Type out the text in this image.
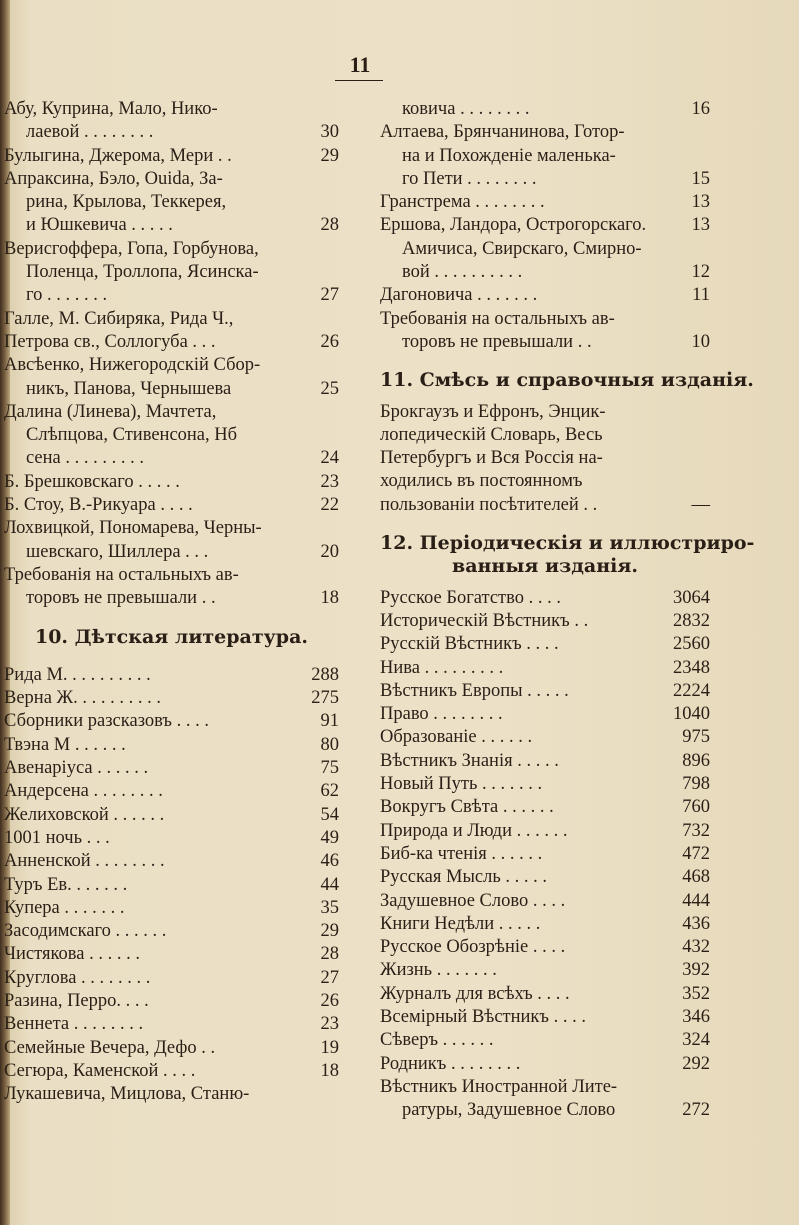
11
Абу, Куприна, Мало, Нико-
лаевой . . . . . . . .	30
Булыгина, Джерома, Мери . .	29
Апраксина, Бэло, Ouida, За-
рина, Крылова, Теккерея,
и Юшкевича . . . . .	28
Верисгоффера, Гопа, Горбунова,
Поленца, Троллопа, Ясинска-
го . . . . . . .	27
Галле, М. Сибиряка, Рида Ч.,
Петрова св., Соллогуба . . .	26
Авсѣенко, Нижегородскій Сбор-
никъ, Панова, Чернышева	25
Далина (Линева), Мачтета,
Слѣпцова, Стивенсона, Нб
сена . . . . . . . . .	24
Б. Брешковскаго . . . . .	23
Б. Стоу, В.-Рикуара . . . .	22
Лохвицкой, Пономарева, Черны-
шевскаго, Шиллера . . .	20
Требованія на остальныхъ ав-
торовъ не превышали . .	18
10. Дѣтская литература.
Рида М. . . . . . . . . .	288
Верна Ж. . . . . . . . . .	275
Сборники разсказовъ . . . .	91
Твэна М . . . . . .	80
Авенаріуса . . . . . .	75
Андерсена . . . . . . . .	62
Желиховской . . . . . .	54
1001 ночь . . .	49
Анненской . . . . . . . .	46
Туръ Ев. . . . . . .	44
Купера . . . . . . .	35
Засодимскаго . . . . . .	29
Чистякова . . . . . .	28
Круглова . . . . . . . .	27
Разина, Перро. . . .	26
Веннета . . . . . . . .	23
Семейные Вечера, Дефо . .	19
Сегюра, Каменской . . . .	18
Лукашевича, Мицлова, Станю-
ковича . . . . . . . .	16
Алтаева, Брянчанинова, Готор-
на и Похожденіе маленька-
го Пети . . . . . . . .	15
Гранстрема . . . . . . . .	13
Ершова, Ландора, Острогорскаго. 13
Амичиса, Свирскаго, Смирно-
вой . . . . . . . . . .	12
Дагоновича . . . . . . .	11
Требованія на остальныхъ ав-
торовъ не превышали . .	10
11. Смѣсь и справочныя изданія.
Брокгаузъ и Ефронъ, Энцик-
лопедическій Словарь, Весь
Петербургъ и Вся Россія на-
ходились въ постоянномъ
пользованіи посѣтителей . .	—
12. Періодическія и иллюстриро-
ванныя изданія.
Русское Богатство . . . .	3064
Историческій Вѣстникъ . .	2832
Русскій Вѣстникъ . . . .	2560
Нива . . . . . . . . .	2348
Вѣстникъ Европы . . . . .	2224
Право . . . . . . . .	1040
Образованіе . . . . . .	975
Вѣстникъ Знанія . . . . .	896
Новый Путь . . . . . . .	798
Вокругъ Свѣта . . . . . .	760
Природа и Люди . . . . . .	732
Биб-ка чтенія . . . . . .	472
Русская Мысль . . . . .	468
Задушевное Слово . . . .	444
Книги Недѣли . . . . .	436
Русское Обозрѣніе . . . .	432
Жизнь . . . . . . .	392
Журналъ для всѣхъ . . . .	352
Всемірный Вѣстникъ . . . .	346
Сѣверъ . . . . . .	324
Родникъ . . . . . . . .	292
Вѣстникъ Иностранной Лите-
ратуры, Задушевное Слово	272
